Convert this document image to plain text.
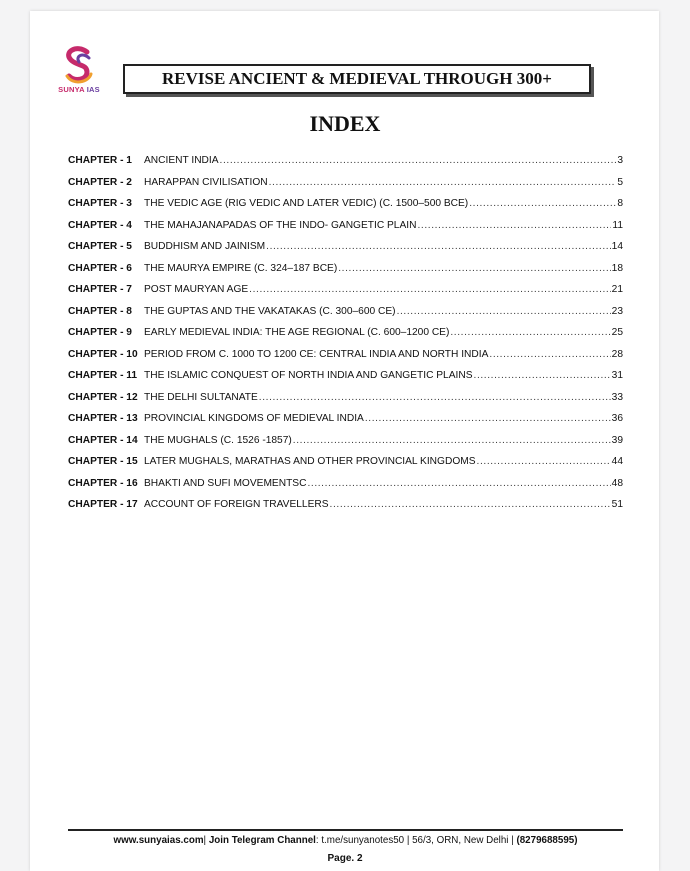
SUNYA IAS
REVISE ANCIENT & MEDIEVAL THROUGH 300+
INDEX
CHAPTER - 1	ANCIENT INDIA .....	3
CHAPTER - 2	HARAPPAN CIVILISATION .....	5
CHAPTER - 3	THE VEDIC AGE (RIG VEDIC AND LATER VEDIC) (C. 1500–500 BCE) .....	8
CHAPTER - 4	THE MAHAJANAPADAS OF THE INDO- GANGETIC PLAIN .....	11
CHAPTER - 5	BUDDHISM AND JAINISM .....	14
CHAPTER - 6	THE MAURYA EMPIRE (C. 324–187 BCE) .....	18
CHAPTER - 7	POST MAURYAN AGE .....	21
CHAPTER - 8	THE GUPTAS AND THE VAKATAKAS (C. 300–600 CE) .....	23
CHAPTER - 9	EARLY MEDIEVAL INDIA: THE AGE REGIONAL (C. 600–1200 CE) .....	25
CHAPTER - 10 PERIOD FROM C. 1000 TO 1200 CE: CENTRAL INDIA AND NORTH INDIA .....	28
CHAPTER - 11 THE ISLAMIC CONQUEST OF NORTH INDIA AND GANGETIC PLAINS .....	31
CHAPTER - 12 THE DELHI SULTANATE .....	33
CHAPTER - 13 PROVINCIAL KINGDOMS OF MEDIEVAL INDIA .....	36
CHAPTER - 14 THE MUGHALS (C. 1526 -1857) .....	39
CHAPTER - 15 LATER MUGHALS, MARATHAS AND OTHER PROVINCIAL KINGDOMS .....	44
CHAPTER - 16 BHAKTI AND SUFI MOVEMENTSC .....	48
CHAPTER - 17 ACCOUNT OF FOREIGN TRAVELLERS .....	51
www.sunyaias.com| Join Telegram Channel: t.me/sunyanotes50 | 56/3, ORN, New Delhi | (8279688595)
Page. 2
